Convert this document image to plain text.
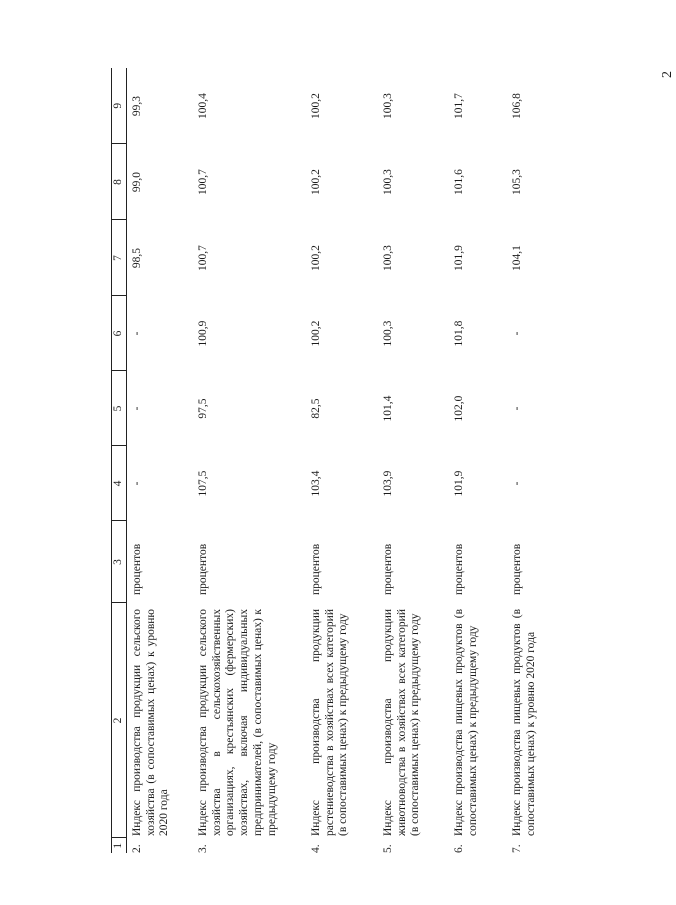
2
1	2	3	4	5	6	7	8	9
2.	Индекс производства продукции сельского хозяйства (в сопоставимых ценах) к уровню 2020 года	процентов	-	-	-	98,5	99,0	99,3
3.	Индекс производства продукции сельского хозяйства в сельскохозяйственных организациях, крестьянских (фермерских) хозяйствах, включая индивидуальных предпринимателей, (в сопоставимых ценах) к предыдущему году	процентов	107,5	97,5	100,9	100,7	100,7	100,4
4.	Индекс производства продукции растениеводства в хозяйствах всех категорий (в сопоставимых ценах) к предыдущему году	процентов	103,4	82,5	100,2	100,2	100,2	100,2
5.	Индекс производства продукции животноводства в хозяйствах всех категорий (в сопоставимых ценах) к предыдущему году	процентов	103,9	101,4	100,3	100,3	100,3	100,3
6.	Индекс производства пищевых продуктов (в сопоставимых ценах) к предыдущему году	процентов	101,9	102,0	101,8	101,9	101,6	101,7
7.	Индекс производства пищевых продуктов (в сопоставимых ценах) к уровню 2020 года	процентов	-	-	-	104,1	105,3	106,8
